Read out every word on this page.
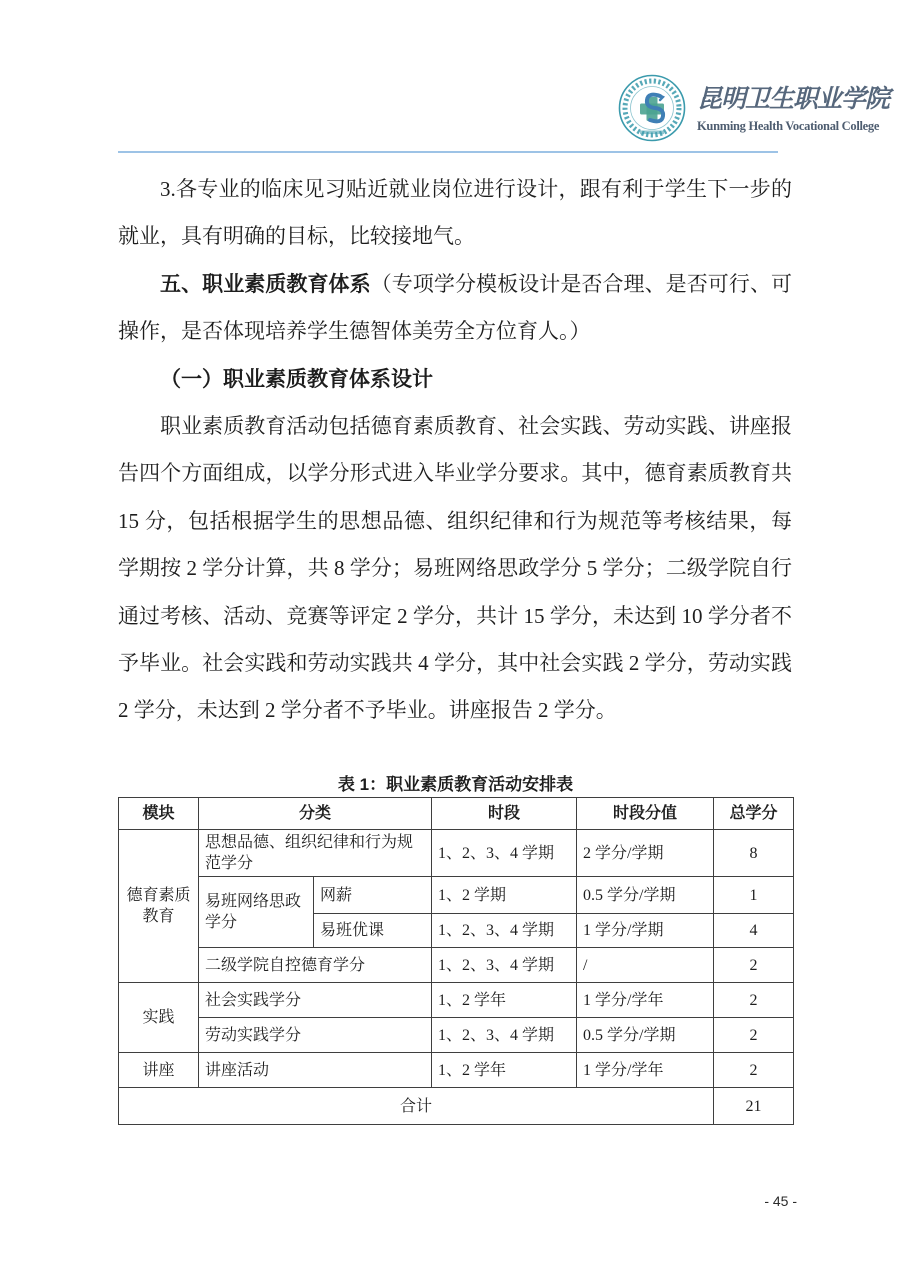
昆明卫生职业学院
Kunming Health Vocational College

3.各专业的临床见习贴近就业岗位进行设计，跟有利于学生下一步的就业，具有明确的目标，比较接地气。

五、职业素质教育体系（专项学分模板设计是否合理、是否可行、可操作，是否体现培养学生德智体美劳全方位育人。）

（一）职业素质教育体系设计

职业素质教育活动包括德育素质教育、社会实践、劳动实践、讲座报告四个方面组成，以学分形式进入毕业学分要求。其中，德育素质教育共 15 分，包括根据学生的思想品德、组织纪律和行为规范等考核结果，每学期按 2 学分计算，共 8 学分；易班网络思政学分 5 学分；二级学院自行通过考核、活动、竞赛等评定 2 学分，共计 15 学分，未达到 10 学分者不予毕业。社会实践和劳动实践共 4 学分，其中社会实践 2 学分，劳动实践 2 学分，未达到 2 学分者不予毕业。讲座报告 2 学分。

表 1：职业素质教育活动安排表
模块	分类		时段	时段分值	总学分
德育素质教育	思想品德、组织纪律和行为规范学分		1、2、3、4 学期	2 学分/学期	8
	易班网络思政学分	网薪	1、2 学期	0.5 学分/学期	1
		易班优课	1、2、3、4 学期	1 学分/学期	4
	二级学院自控德育学分		1、2、3、4 学期	/	2
实践	社会实践学分		1、2 学年	1 学分/学年	2
	劳动实践学分		1、2、3、4 学期	0.5 学分/学期	2
讲座	讲座活动		1、2 学年	1 学分/学年	2
合计					21
- 45 -
